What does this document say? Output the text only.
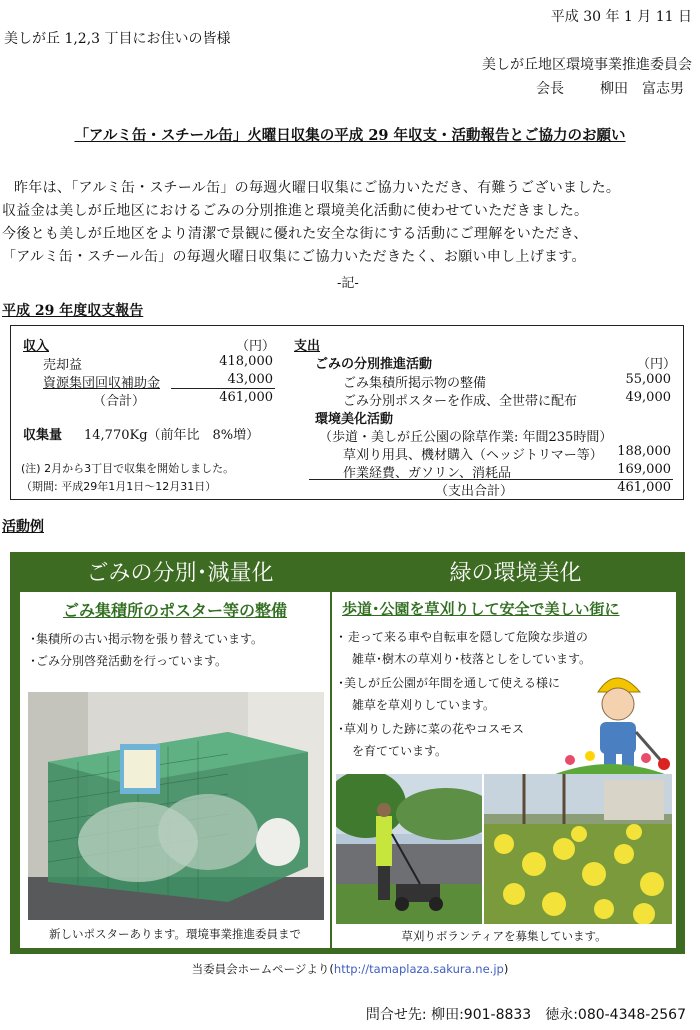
平成 30 年 1 月 11 日
美しが丘 1,2,3 丁目にお住いの皆様
美しが丘地区環境事業推進委員会
会長	柳田　富志男
「アルミ缶・スチール缶」火曜日収集の平成 29 年収支・活動報告とご協力のお願い
昨年は、「アルミ缶・スチール缶」の毎週火曜日収集にご協力いただき、有難うございました。
収益金は美しが丘地区におけるごみの分別推進と環境美化活動に使わせていただきました。
今後とも美しが丘地区をより清潔で景観に優れた安全な街にする活動にご理解をいただき、
「アルミ缶・スチール缶」の毎週火曜日収集にご協力いただきたく、お願い申し上げます。
-記-
平成 29 年度収支報告
収入	（円）
売却益	418,000
資源集団回収補助金	43,000
（合計）	461,000
収集量 14,770Kg（前年比　8%増）
(注) 2月から3丁目で収集を開始しました。
（期間: 平成29年1月1日〜12月31日）
支出
ごみの分別推進活動	（円）
ごみ集積所掲示物の整備	55,000
ごみ分別ポスターを作成、全世帯に配布	49,000
環境美化活動
（歩道・美しが丘公園の除草作業: 年間235時間）
草刈り用具、機材購入（ヘッジトリマー等）	188,000
作業経費、ガソリン、消耗品	169,000
（支出合計）	461,000
活動例
ごみの分別･減量化	緑の環境美化
ごみ集積所のポスター等の整備
･集積所の古い掲示物を張り替えています。
･ごみ分別啓発活動を行っています。
新しいポスターあります。環境事業推進委員まで
歩道･公園を草刈りして安全で美しい街に
･ 走って来る車や自転車を隠して危険な歩道の
雑草･樹木の草刈り･枝落としをしています。
･美しが丘公園が年間を通して使える様に
雑草を草刈りしています。
･草刈りした跡に菜の花やコスモス
を育てています。
草刈りボランティアを募集しています。
当委員会ホームページより(http://tamaplaza.sakura.ne.jp)
問合せ先: 柳田:901-8833　徳永:080-4348-2567
